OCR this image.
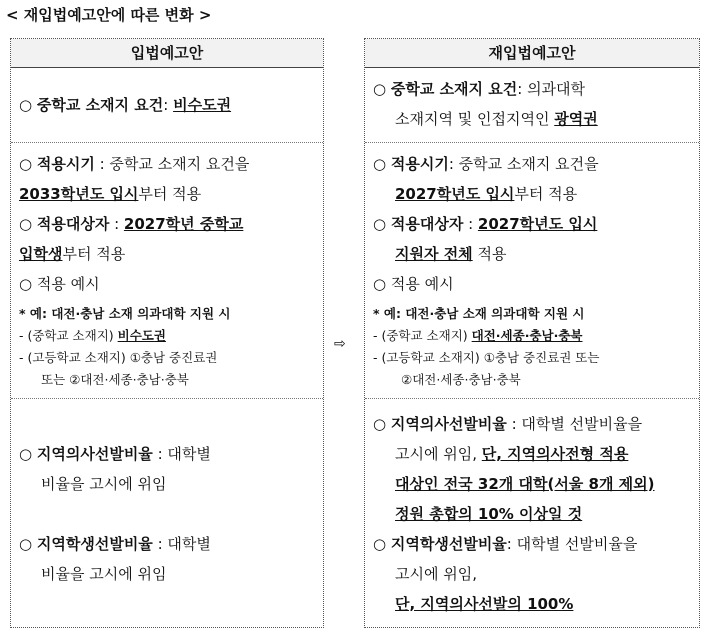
< 재입법예고안에 따른 변화 >
입법예고안
○ 중학교 소재지 요건: 비수도권
○ 적용시기 : 중학교 소재지 요건을
2033학년도 입시부터 적용
○ 적용대상자 : 2027학년 중학교
입학생부터 적용
○ 적용 예시
* 예: 대전·충남 소재 의과대학 지원 시
- (중학교 소재지) 비수도권
- (고등학교 소재지) ①충남 중진료권
또는 ②대전·세종·충남·충북
○ 지역의사선발비율 : 대학별
비율을 고시에 위임
○ 지역학생선발비율 : 대학별
비율을 고시에 위임
⇨
재입법예고안
○ 중학교 소재지 요건: 의과대학
소재지역 및 인접지역인 광역권
○ 적용시기: 중학교 소재지 요건을
2027학년도 입시부터 적용
○ 적용대상자 : 2027학년도 입시
지원자 전체 적용
○ 적용 예시
* 예: 대전·충남 소재 의과대학 지원 시
- (중학교 소재지) 대전·세종·충남·충북
- (고등학교 소재지) ①충남 중진료권 또는
②대전·세종·충남·충북
○ 지역의사선발비율 : 대학별 선발비율을
고시에 위임, 단, 지역의사전형 적용
대상인 전국 32개 대학(서울 8개 제외)
정원 총합의 10% 이상일 것
○ 지역학생선발비율: 대학별 선발비율을
고시에 위임,
단, 지역의사선발의 100%
